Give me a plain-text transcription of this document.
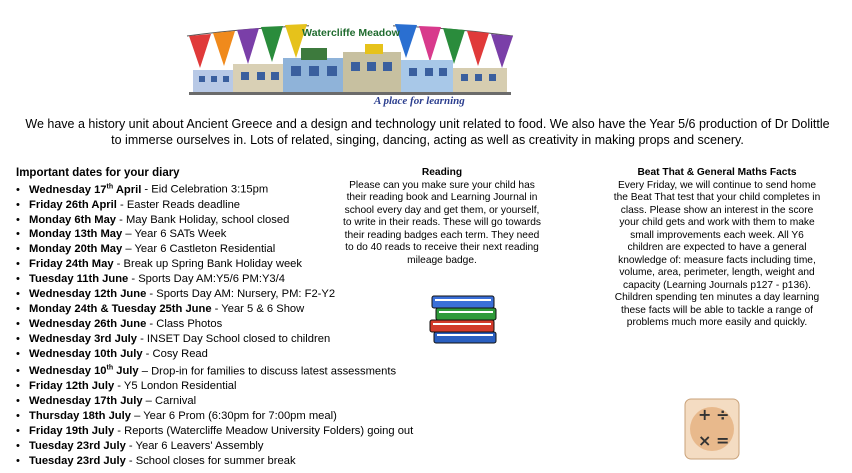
Watercliffe Meadow
A place for learning
We have a history unit about Ancient Greece and a design and technology unit related to food. We also have the Year 5/6 production of Dr Dolittle to immerse ourselves in. Lots of related, singing, dancing, acting as well as creativity in making props and scenery.
Important dates for your diary
• Wednesday 17th April - Eid Celebration 3:15pm
• Friday 26th April - Easter Reads deadline
• Monday 6th May - May Bank Holiday, school closed
• Monday 13th May – Year 6 SATs Week
• Monday 20th May – Year 6 Castleton Residential
• Friday 24th May - Break up Spring Bank Holiday week
• Tuesday 11th June - Sports Day AM:Y5/6 PM:Y3/4
• Wednesday 12th June - Sports Day AM: Nursery, PM: F2-Y2
• Monday 24th & Tuesday 25th June - Year 5 & 6 Show
• Wednesday 26th June - Class Photos
• Wednesday 3rd July - INSET Day School closed to children
• Wednesday 10th July - Cosy Read
• Wednesday 10th July – Drop-in for families to discuss latest assessments
• Friday 12th July - Y5 London Residential
• Wednesday 17th July – Carnival
• Thursday 18th July – Year 6 Prom (6:30pm for 7:00pm meal)
• Friday 19th July - Reports (Watercliffe Meadow University Folders) going out
• Tuesday 23rd July - Year 6 Leavers' Assembly
• Tuesday 23rd July - School closes for summer break
Reading
Please can you make sure your child has their reading book and Learning Journal in school every day and get them, or yourself, to write in their reads. These will go towards their reading badges each term. They need to do 40 reads to receive their next reading mileage badge.
Beat That & General Maths Facts
Every Friday, we will continue to send home the Beat That test that your child completes in class. Please show an interest in the score your child gets and work with them to make small improvements each week. All Y6 children are expected to have a general knowledge of: measure facts including time, volume, area, perimeter, length, weight and capacity (Learning Journals p127 - p136). Children spending ten minutes a day learning these facts will be able to tackle a range of problems much more easily and quickly.
+ ÷
× =
